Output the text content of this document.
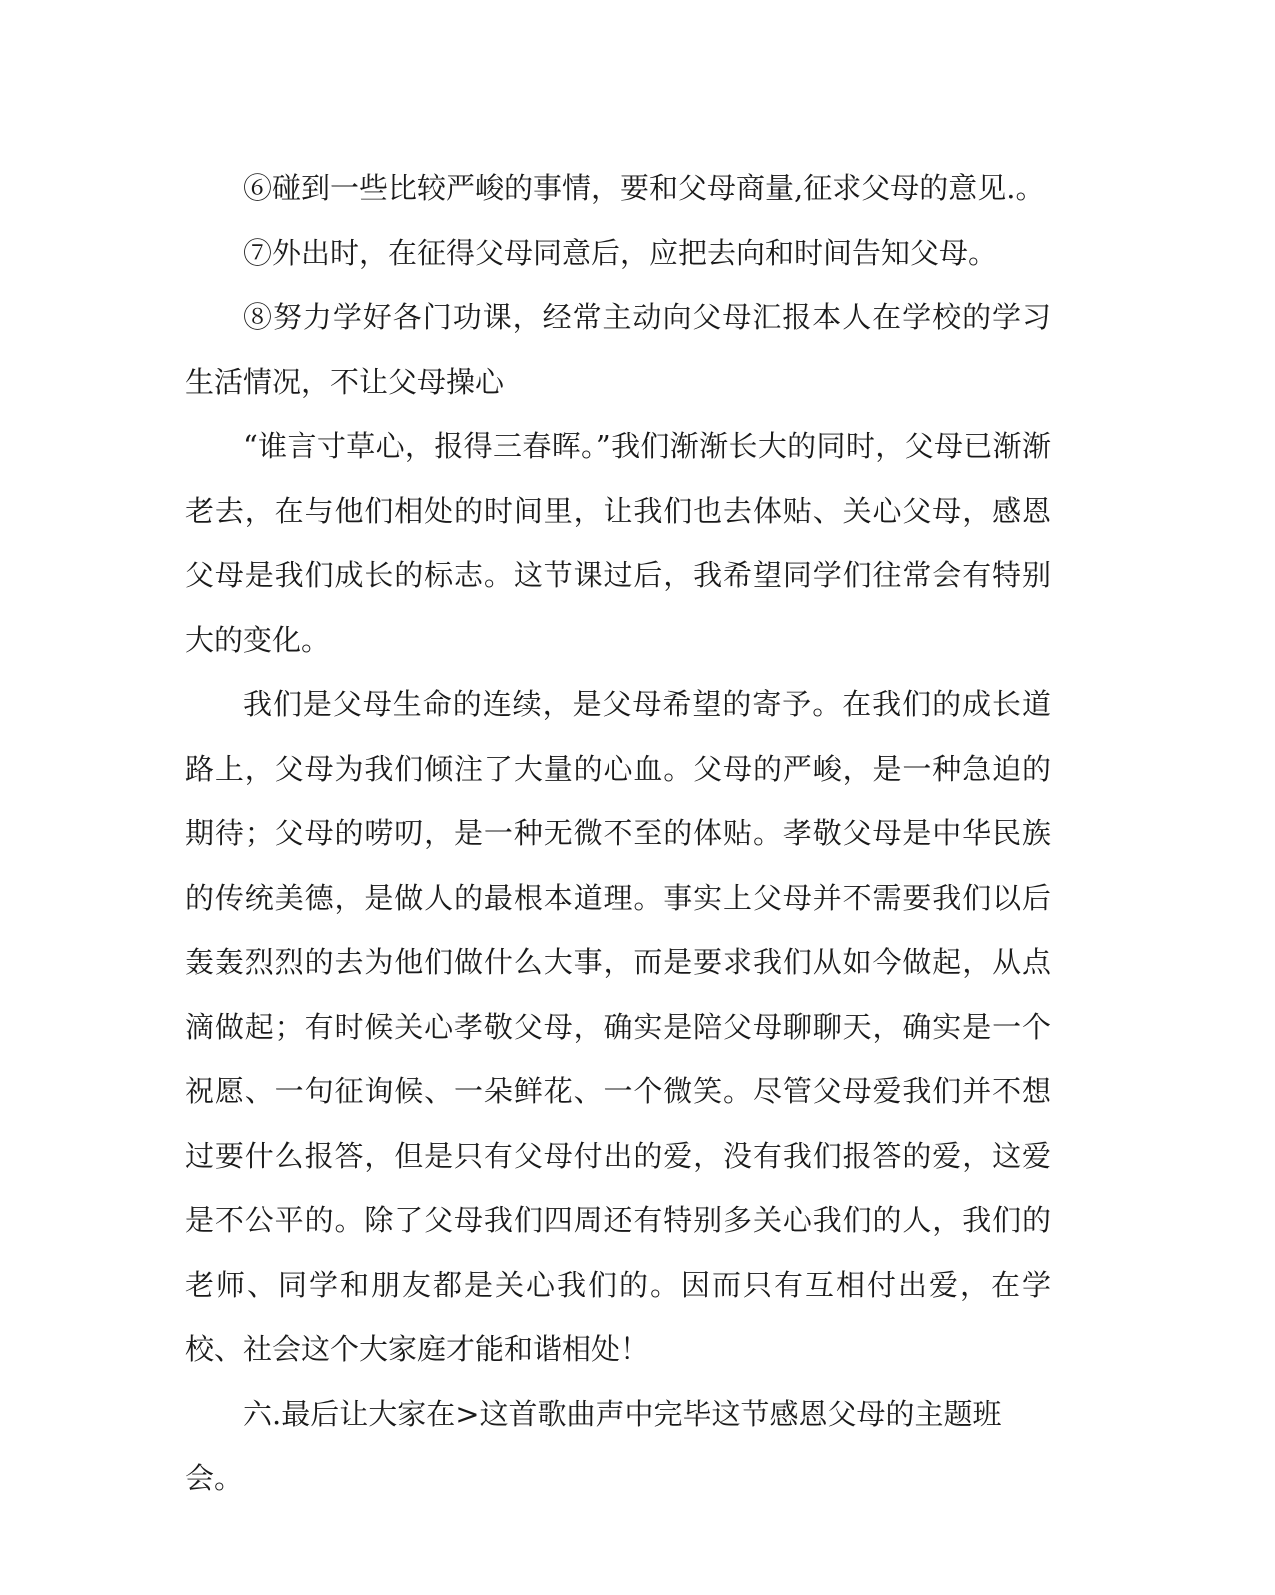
⑥碰到一些比较严峻的事情，要和父母商量,征求父母的意见.。

⑦外出时，在征得父母同意后，应把去向和时间告知父母。

⑧努力学好各门功课，经常主动向父母汇报本人在学校的学习生活情况，不让父母操心

“谁言寸草心，报得三春晖。”我们渐渐长大的同时，父母已渐渐老去，在与他们相处的时间里，让我们也去体贴、关心父母，感恩父母是我们成长的标志。这节课过后，我希望同学们往常会有特别大的变化。

我们是父母生命的连续，是父母希望的寄予。在我们的成长道路上，父母为我们倾注了大量的心血。父母的严峻，是一种急迫的期待；父母的唠叨，是一种无微不至的体贴。孝敬父母是中华民族的传统美德，是做人的最根本道理。事实上父母并不需要我们以后轰轰烈烈的去为他们做什么大事，而是要求我们从如今做起，从点滴做起；有时候关心孝敬父母，确实是陪父母聊聊天，确实是一个祝愿、一句征询候、一朵鲜花、一个微笑。尽管父母爱我们并不想过要什么报答，但是只有父母付出的爱，没有我们报答的爱，这爱是不公平的。除了父母我们四周还有特别多关心我们的人，我们的老师、同学和朋友都是关心我们的。因而只有互相付出爱，在学校、社会这个大家庭才能和谐相处！

六.最后让大家在>这首歌曲声中完毕这节感恩父母的主题班会。
